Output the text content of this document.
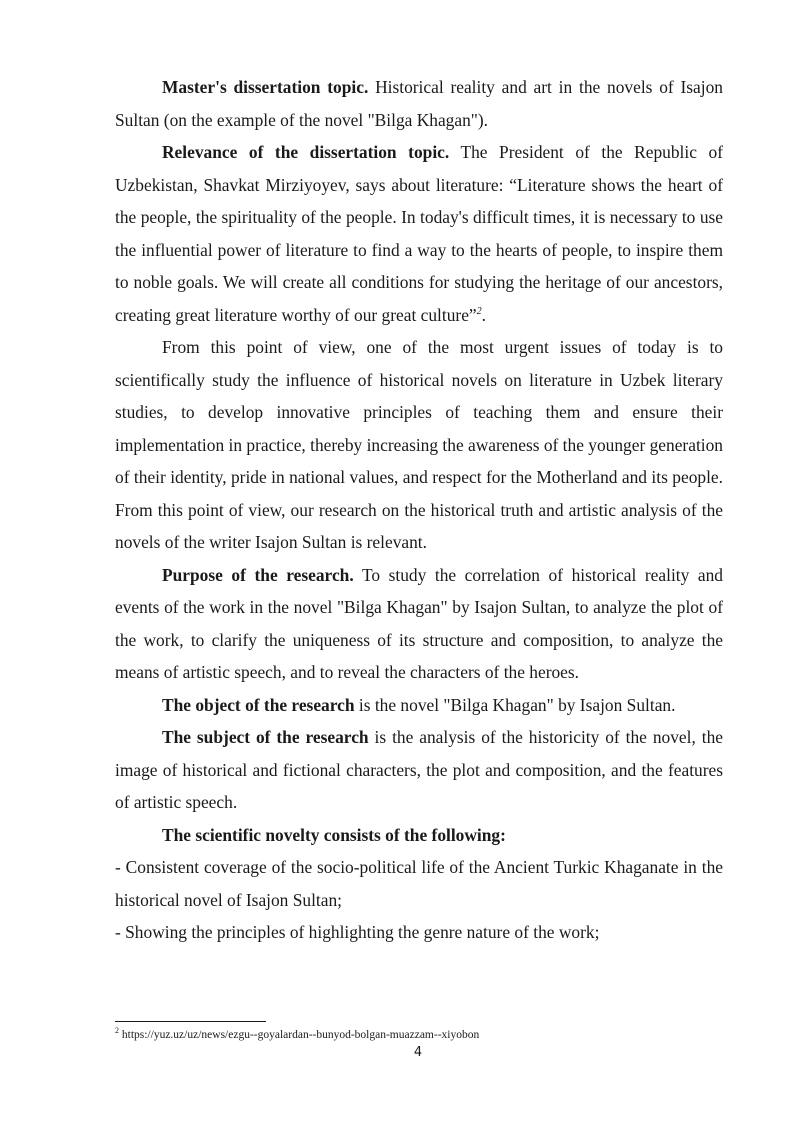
Master's dissertation topic. Historical reality and art in the novels of Isajon Sultan (on the example of the novel "Bilga Khagan").

Relevance of the dissertation topic. The President of the Republic of Uzbekistan, Shavkat Mirziyoyev, says about literature: “Literature shows the heart of the people, the spirituality of the people. In today's difficult times, it is necessary to use the influential power of literature to find a way to the hearts of people, to inspire them to noble goals. We will create all conditions for studying the heritage of our ancestors, creating great literature worthy of our great culture”$^2$.

From this point of view, one of the most urgent issues of today is to scientifically study the influence of historical novels on literature in Uzbek literary studies, to develop innovative principles of teaching them and ensure their implementation in practice, thereby increasing the awareness of the younger generation of their identity, pride in national values, and respect for the Motherland and its people. From this point of view, our research on the historical truth and artistic analysis of the novels of the writer Isajon Sultan is relevant.

Purpose of the research. To study the correlation of historical reality and events of the work in the novel "Bilga Khagan" by Isajon Sultan, to analyze the plot of the work, to clarify the uniqueness of its structure and composition, to analyze the means of artistic speech, and to reveal the characters of the heroes.

The object of the research is the novel "Bilga Khagan" by Isajon Sultan.

The subject of the research is the analysis of the historicity of the novel, the image of historical and fictional characters, the plot and composition, and the features of artistic speech.

The scientific novelty consists of the following:

- Consistent coverage of the socio-political life of the Ancient Turkic Khaganate in the historical novel of Isajon Sultan;

- Showing the principles of highlighting the genre nature of the work;

$^2$ https://yuz.uz/uz/news/ezgu--goyalardan--bunyod-bolgan-muazzam--xiyobon
4
